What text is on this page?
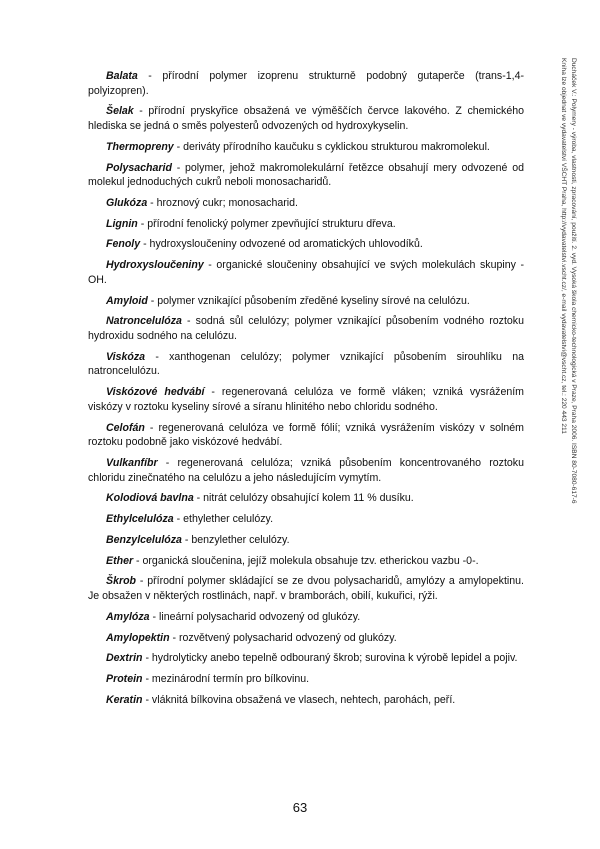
Balata - přírodní polymer izoprenu strukturně podobný gutaperče (trans-1,4-polyizopren).

Šelak - přírodní pryskyřice obsažená ve výměščích červce lakového. Z chemického hlediska se jedná o směs polyesterů odvozených od hydroxykyselin.

Thermopreny - deriváty přírodního kaučuku s cyklickou strukturou makromolekul.

Polysacharid - polymer, jehož makromolekulární řetězce obsahují mery odvozené od molekul jednoduchých cukrů neboli monosacharidů.

Glukóza - hroznový cukr; monosacharid.

Lignin - přírodní fenolický polymer zpevňující strukturu dřeva.

Fenoly - hydroxysloučeniny odvozené od aromatických uhlovodíků.

Hydroxysloučeniny - organické sloučeniny obsahující ve svých molekulách skupiny -OH.

Amyloid - polymer vznikající působením zředěné kyseliny sírové na celulózu.

Natroncelulóza - sodná sůl celulózy; polymer vznikající působením vodného roztoku hydroxidu sodného na celulózu.

Viskóza - xanthogenan celulózy; polymer vznikající působením sirouhlíku na natroncelulózu.

Viskózové hedvábí - regenerovaná celulóza ve formě vláken; vzniká vysrážením viskózy v roztoku kyseliny sírové a síranu hlinitého nebo chloridu sodného.

Celofán - regenerovaná celulóza ve formě fólií; vzniká vysrážením viskózy v solném roztoku podobně jako viskózové hedvábí.

Vulkanfíbr - regenerovaná celulóza; vzniká působením koncentrovaného roztoku chloridu zinečnatého na celulózu a jeho následujícím vymytím.

Kolodiová bavlna - nitrát celulózy obsahující kolem 11 % dusíku.

Ethylcelulóza - ethylether celulózy.

Benzylcelulóza - benzylether celulózy.

Ether - organická sloučenina, jejíž molekula obsahuje tzv. etherickou vazbu -0-.

Škrob - přírodní polymer skládající se ze dvou polysacharidů, amylózy a amylopektinu. Je obsažen v některých rostlinách, např. v bramborách, obilí, kukuřici, rýži.

Amylóza - lineární polysacharid odvozený od glukózy.

Amylopektin - rozvětvený polysacharid odvozený od glukózy.

Dextrin - hydrolyticky anebo tepelně odbouraný škrob; surovina k výrobě lepidel a pojiv.

Protein - mezinárodní termín pro bílkovinu.

Keratin - vláknitá bílkovina obsažená ve vlasech, nehtech, parohách, peří.

63
Ducháček V.: Polymery - výroba, vlastnosti, zpracování, použití. 2. vyd. Vysoká škola chemicko-technologická v Praze, Praha 2006. ISBN 80-7080-617-6
Kniha lze objednat ve vydavatelství VŠCHT Praha, http://vydavatelstvi.vscht.cz/, e-mail vydavatelstvi@vscht.cz, tel.: 220 443 211
